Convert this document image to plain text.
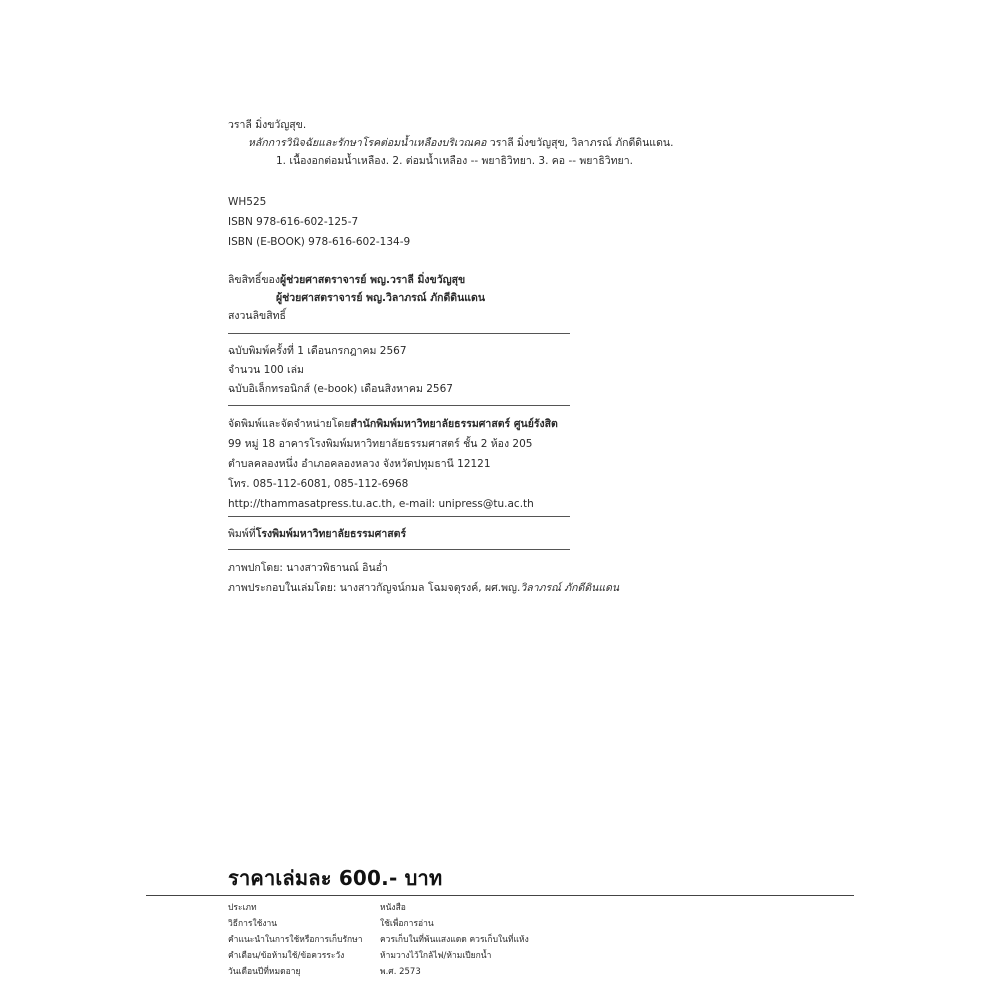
วราลี มิ่งขวัญสุข.
หลักการวินิจฉัยและรักษาโรคต่อมน้ำเหลืองบริเวณคอ วราลี มิ่งขวัญสุข, วิลาภรณ์ ภักดีดินแดน.
1. เนื้องอกต่อมน้ำเหลือง. 2. ต่อมน้ำเหลือง -- พยาธิวิทยา. 3. คอ -- พยาธิวิทยา.
WH525
ISBN 978-616-602-125-7
ISBN (E-BOOK) 978-616-602-134-9
ลิขสิทธิ์ของผู้ช่วยศาสตราจารย์ พญ.วราลี มิ่งขวัญสุข
ผู้ช่วยศาสตราจารย์ พญ.วิลาภรณ์ ภักดีดินแดน
สงวนลิขสิทธิ์
ฉบับพิมพ์ครั้งที่ 1 เดือนกรกฎาคม 2567
จำนวน 100 เล่ม
ฉบับอิเล็กทรอนิกส์ (e-book) เดือนสิงหาคม 2567
จัดพิมพ์และจัดจำหน่ายโดยสำนักพิมพ์มหาวิทยาลัยธรรมศาสตร์ ศูนย์รังสิต
99 หมู่ 18 อาคารโรงพิมพ์มหาวิทยาลัยธรรมศาสตร์ ชั้น 2 ห้อง 205
ตำบลคลองหนึ่ง อำเภอคลองหลวง จังหวัดปทุมธานี 12121
โทร. 085-112-6081, 085-112-6968
http://thammasatpress.tu.ac.th, e-mail: unipress@tu.ac.th
พิมพ์ที่โรงพิมพ์มหาวิทยาลัยธรรมศาสตร์
ภาพปกโดย: นางสาวพิธานณ์ อินอ่ำ
ภาพประกอบในเล่มโดย: นางสาวกัญจน์กมล โฉมจตุรงค์, ผศ.พญ.วิลาภรณ์ ภักดีดินแดน
ราคาเล่มละ 600.- บาท
ประเภท	หนังสือ
วิธีการใช้งาน	ใช้เพื่อการอ่าน
คำแนะนำในการใช้หรือการเก็บรักษา	ควรเก็บในที่พ้นแสงแดด ควรเก็บในที่แห้ง
คำเตือน/ข้อห้ามใช้/ข้อควรระวัง	ห้ามวางไว้ใกล้ไฟ/ห้ามเปียกน้ำ
วันเดือนปีที่หมดอายุ	พ.ศ. 2573
